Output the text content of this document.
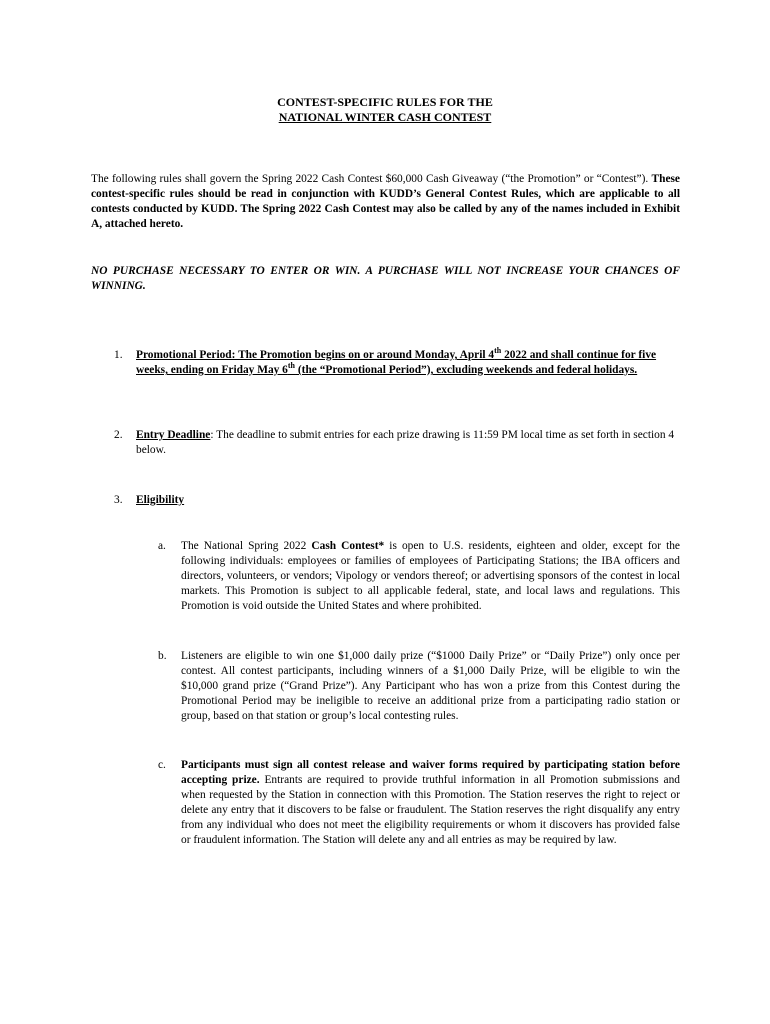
CONTEST-SPECIFIC RULES FOR THE
NATIONAL WINTER CASH CONTEST
The following rules shall govern the Spring 2022 Cash Contest $60,000 Cash Giveaway (“the Promotion” or “Contest”). These contest-specific rules should be read in conjunction with KUDD’s General Contest Rules, which are applicable to all contests conducted by KUDD. The Spring 2022 Cash Contest may also be called by any of the names included in Exhibit A, attached hereto.
NO PURCHASE NECESSARY TO ENTER OR WIN. A PURCHASE WILL NOT INCREASE YOUR CHANCES OF WINNING.
1.	Promotional Period: The Promotion begins on or around Monday, April 4th 2022 and shall continue for five weeks, ending on Friday May 6th (the “Promotional Period”), excluding weekends and federal holidays.
2.	Entry Deadline: The deadline to submit entries for each prize drawing is 11:59 PM local time as set forth in section 4 below.
3.	Eligibility
a.	The National Spring 2022 Cash Contest* is open to U.S. residents, eighteen and older, except for the following individuals: employees or families of employees of Participating Stations; the IBA officers and directors, volunteers, or vendors; Vipology or vendors thereof; or advertising sponsors of the contest in local markets. This Promotion is subject to all applicable federal, state, and local laws and regulations. This Promotion is void outside the United States and where prohibited.
b.	Listeners are eligible to win one $1,000 daily prize (“$1000 Daily Prize” or “Daily Prize”) only once per contest. All contest participants, including winners of a $1,000 Daily Prize, will be eligible to win the $10,000 grand prize (“Grand Prize”). Any Participant who has won a prize from this Contest during the Promotional Period may be ineligible to receive an additional prize from a participating radio station or group, based on that station or group’s local contesting rules.
c.	Participants must sign all contest release and waiver forms required by participating station before accepting prize. Entrants are required to provide truthful information in all Promotion submissions and when requested by the Station in connection with this Promotion. The Station reserves the right to reject or delete any entry that it discovers to be false or fraudulent. The Station reserves the right disqualify any entry from any individual who does not meet the eligibility requirements or whom it discovers has provided false or fraudulent information. The Station will delete any and all entries as may be required by law.
